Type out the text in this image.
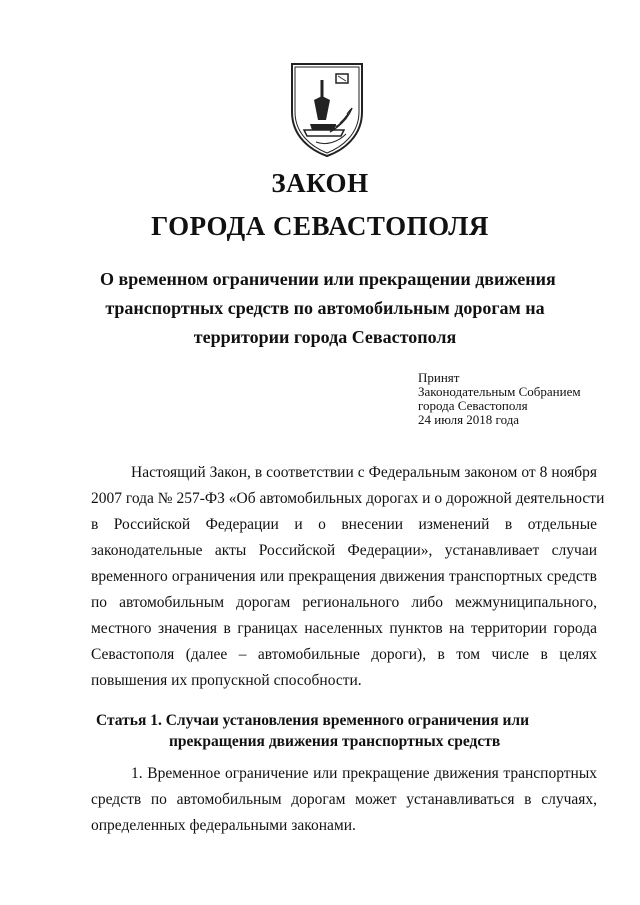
ЗАКОН
ГОРОДА СЕВАСТОПОЛЯ
О временном ограничении или прекращении движения
транспортных средств по автомобильным дорогам на
территории города Севастополя
Принят
Законодательным Собранием
города Севастополя
24 июля 2018 года
Настоящий Закон, в соответствии с Федеральным законом от 8 ноября
2007 года № 257-ФЗ «Об автомобильных дорогах и о дорожной деятельности
в Российской Федерации и о внесении изменений в отдельные
законодательные акты Российской Федерации», устанавливает случаи
временного ограничения или прекращения движения транспортных средств
по автомобильным дорогам регионального либо межмуниципального,
местного значения в границах населенных пунктов на территории города
Севастополя (далее – автомобильные дороги), в том числе в целях
повышения их пропускной способности.
Статья 1. Случаи установления временного ограничения или
прекращения движения транспортных средств
1. Временное ограничение или прекращение движения транспортных
средств по автомобильным дорогам может устанавливаться в случаях,
определенных федеральными законами.
